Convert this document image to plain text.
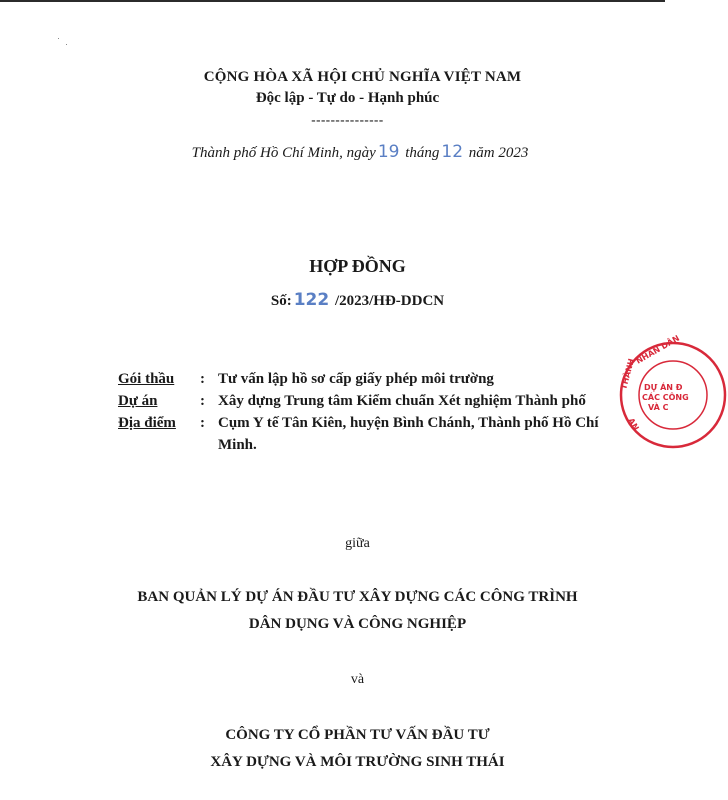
CỘNG HÒA XÃ HỘI CHỦ NGHĨA VIỆT NAM
Độc lập - Tự do - Hạnh phúc
---------------
Thành phố Hồ Chí Minh, ngày 19 tháng 12 năm 2023
HỢP ĐỒNG
Số: 122 /2023/HĐ-DDCN
Gói thầu	: Tư vấn lập hồ sơ cấp giấy phép môi trường
Dự án	: Xây dựng Trung tâm Kiểm chuẩn Xét nghiệm Thành phố
Địa điểm	: Cụm Y tế Tân Kiên, huyện Bình Chánh, Thành phố Hồ Chí Minh.
giữa
BAN QUẢN LÝ DỰ ÁN ĐẦU TƯ XÂY DỰNG CÁC CÔNG TRÌNH
DÂN DỤNG VÀ CÔNG NGHIỆP
và
CÔNG TY CỔ PHẦN TƯ VẤN ĐẦU TƯ
XÂY DỰNG VÀ MÔI TRƯỜNG SINH THÁI
NHÂN DÂN
DỰ ÁN Đ
CÁC CÔNG
VÀ C
AN
THÀNH
